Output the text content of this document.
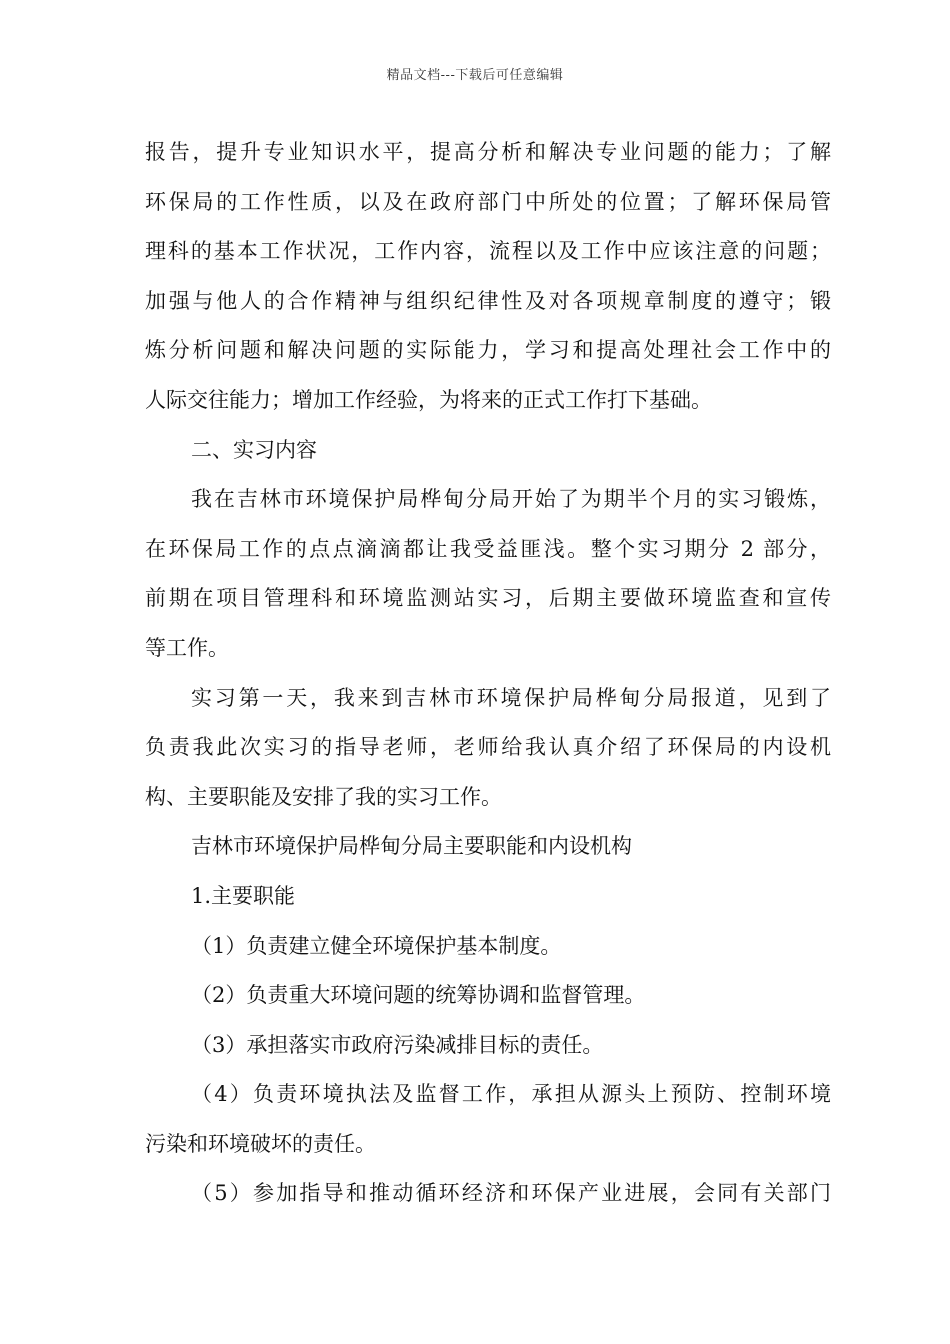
精品文档---下载后可任意编辑
报告，提升专业知识水平，提高分析和解决专业问题的能力；了解
环保局的工作性质，以及在政府部门中所处的位置；了解环保局管
理科的基本工作状况，工作内容，流程以及工作中应该注意的问题；
加强与他人的合作精神与组织纪律性及对各项规章制度的遵守；锻
炼分析问题和解决问题的实际能力，学习和提高处理社会工作中的
人际交往能力；增加工作经验，为将来的正式工作打下基础。
二、实习内容
我在吉林市环境保护局桦甸分局开始了为期半个月的实习锻炼，
在环保局工作的点点滴滴都让我受益匪浅。整个实习期分 2 部分，
前期在项目管理科和环境监测站实习，后期主要做环境监查和宣传
等工作。
实习第一天，我来到吉林市环境保护局桦甸分局报道，见到了
负责我此次实习的指导老师，老师给我认真介绍了环保局的内设机
构、主要职能及安排了我的实习工作。
吉林市环境保护局桦甸分局主要职能和内设机构
1.主要职能
（1）负责建立健全环境保护基本制度。
（2）负责重大环境问题的统筹协调和监督管理。
（3）承担落实市政府污染减排目标的责任。
（4）负责环境执法及监督工作，承担从源头上预防、控制环境
污染和环境破坏的责任。
（5）参加指导和推动循环经济和环保产业进展，会同有关部门
